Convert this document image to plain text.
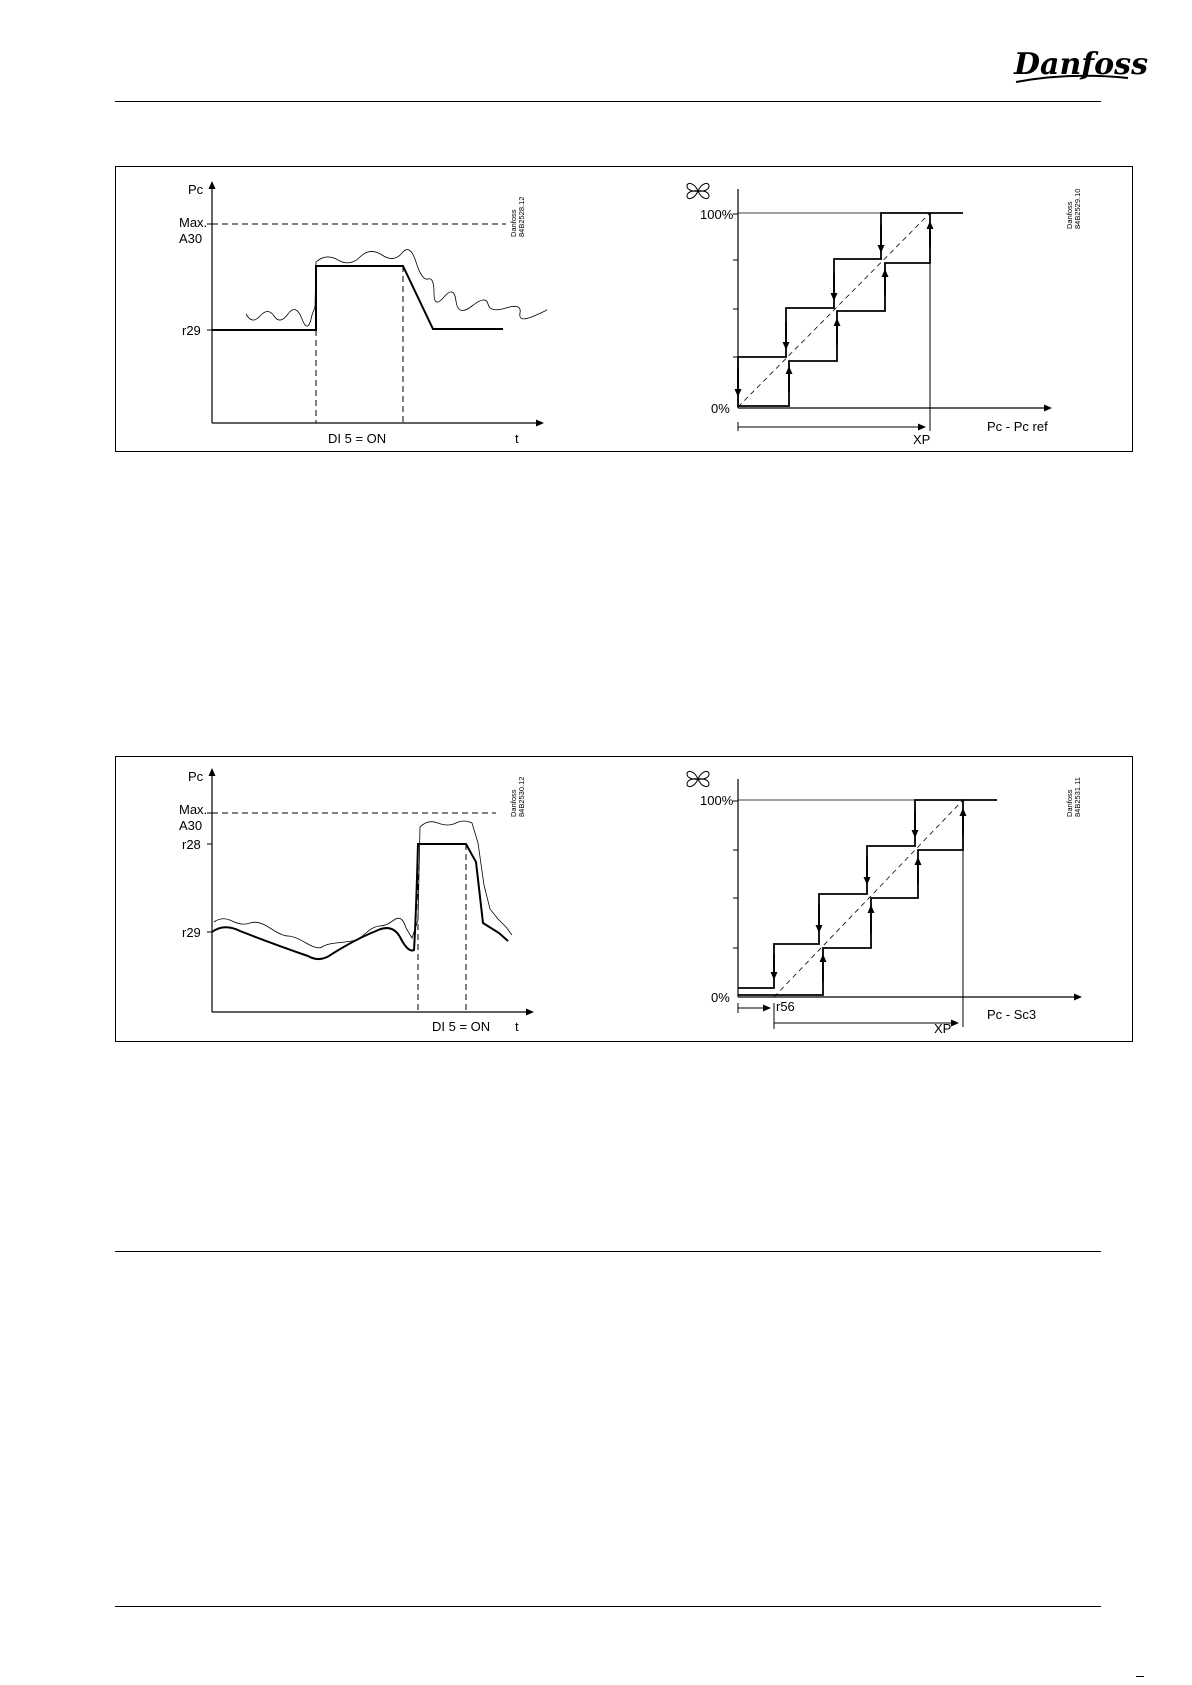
Danfoss
Pc
Max.
A30
r29
DI 5 = ON	t
Danfoss 84B2528.12	100%
0%
Pc - Pc ref
XP
Danfoss 84B2529.10
Pc
Max.
A30
r28
r29
DI 5 = ON t
Danfoss 84B2530.12	100%
0%
r56
Pc - Sc3
XP
Danfoss 84B2531.11
